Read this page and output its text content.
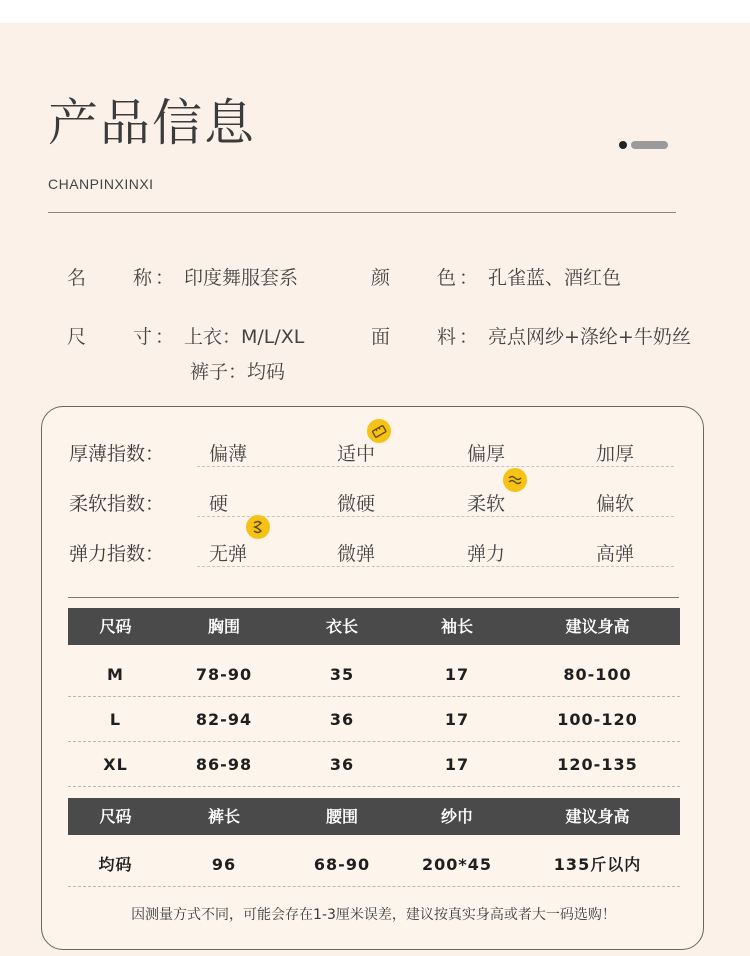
产品信息
CHANPINXINXI
名 称 ： 印度舞服套系	颜 色 ： 孔雀蓝、酒红色
尺 寸 ： 上衣：M/L/XL
裤子：均码
面 料 ： 亮点网纱+涤纶+牛奶丝
厚薄指数： 偏薄	适中	偏厚	加厚
柔软指数： 硬	微硬	柔软	偏软
弹力指数： 无弹	微弹	弹力	高弹
尺码	胸围	衣长	袖长	建议身高
M	78-90	35	17	80-100
L	82-94	36	17	100-120
XL	86-98	36	17	120-135
尺码	裤长	腰围	纱巾	建议身高
均码	96	68-90	200*45	135斤以内
因测量方式不同，可能会存在1-3厘米误差，建议按真实身高或者大一码选购！
